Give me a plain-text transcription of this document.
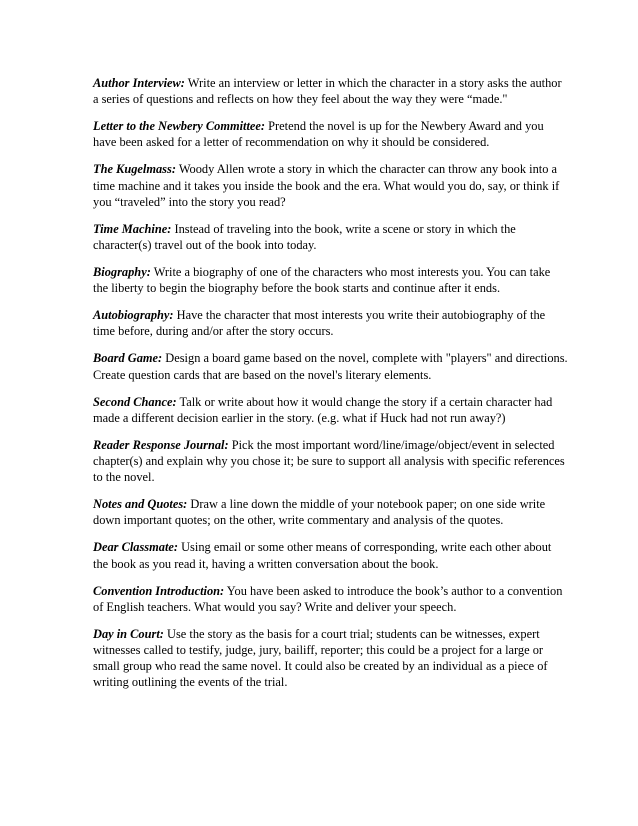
Author Interview: Write an interview or letter in which the character in a story asks the author a series of questions and reflects on how they feel about the way they were “made."

Letter to the Newbery Committee: Pretend the novel is up for the Newbery Award and you have been asked for a letter of recommendation on why it should be considered.

The Kugelmass: Woody Allen wrote a story in which the character can throw any book into a time machine and it takes you inside the book and the era. What would you do, say, or think if you “traveled” into the story you read?

Time Machine: Instead of traveling into the book, write a scene or story in which the character(s) travel out of the book into today.

Biography: Write a biography of one of the characters who most interests you. You can take the liberty to begin the biography before the book starts and continue after it ends.

Autobiography: Have the character that most interests you write their autobiography of the time before, during and/or after the story occurs.

Board Game: Design a board game based on the novel, complete with "players" and directions. Create question cards that are based on the novel's literary elements.

Second Chance: Talk or write about how it would change the story if a certain character had made a different decision earlier in the story. (e.g. what if Huck had not run away?)

Reader Response Journal: Pick the most important word/line/image/object/event in selected chapter(s) and explain why you chose it; be sure to support all analysis with specific references to the novel.

Notes and Quotes: Draw a line down the middle of your notebook paper; on one side write down important quotes; on the other, write commentary and analysis of the quotes.

Dear Classmate: Using email or some other means of corresponding, write each other about the book as you read it, having a written conversation about the book.

Convention Introduction: You have been asked to introduce the book’s author to a convention of English teachers. What would you say? Write and deliver your speech.

Day in Court: Use the story as the basis for a court trial; students can be witnesses, expert witnesses called to testify, judge, jury, bailiff, reporter; this could be a project for a large or small group who read the same novel. It could also be created by an individual as a piece of writing outlining the events of the trial.
